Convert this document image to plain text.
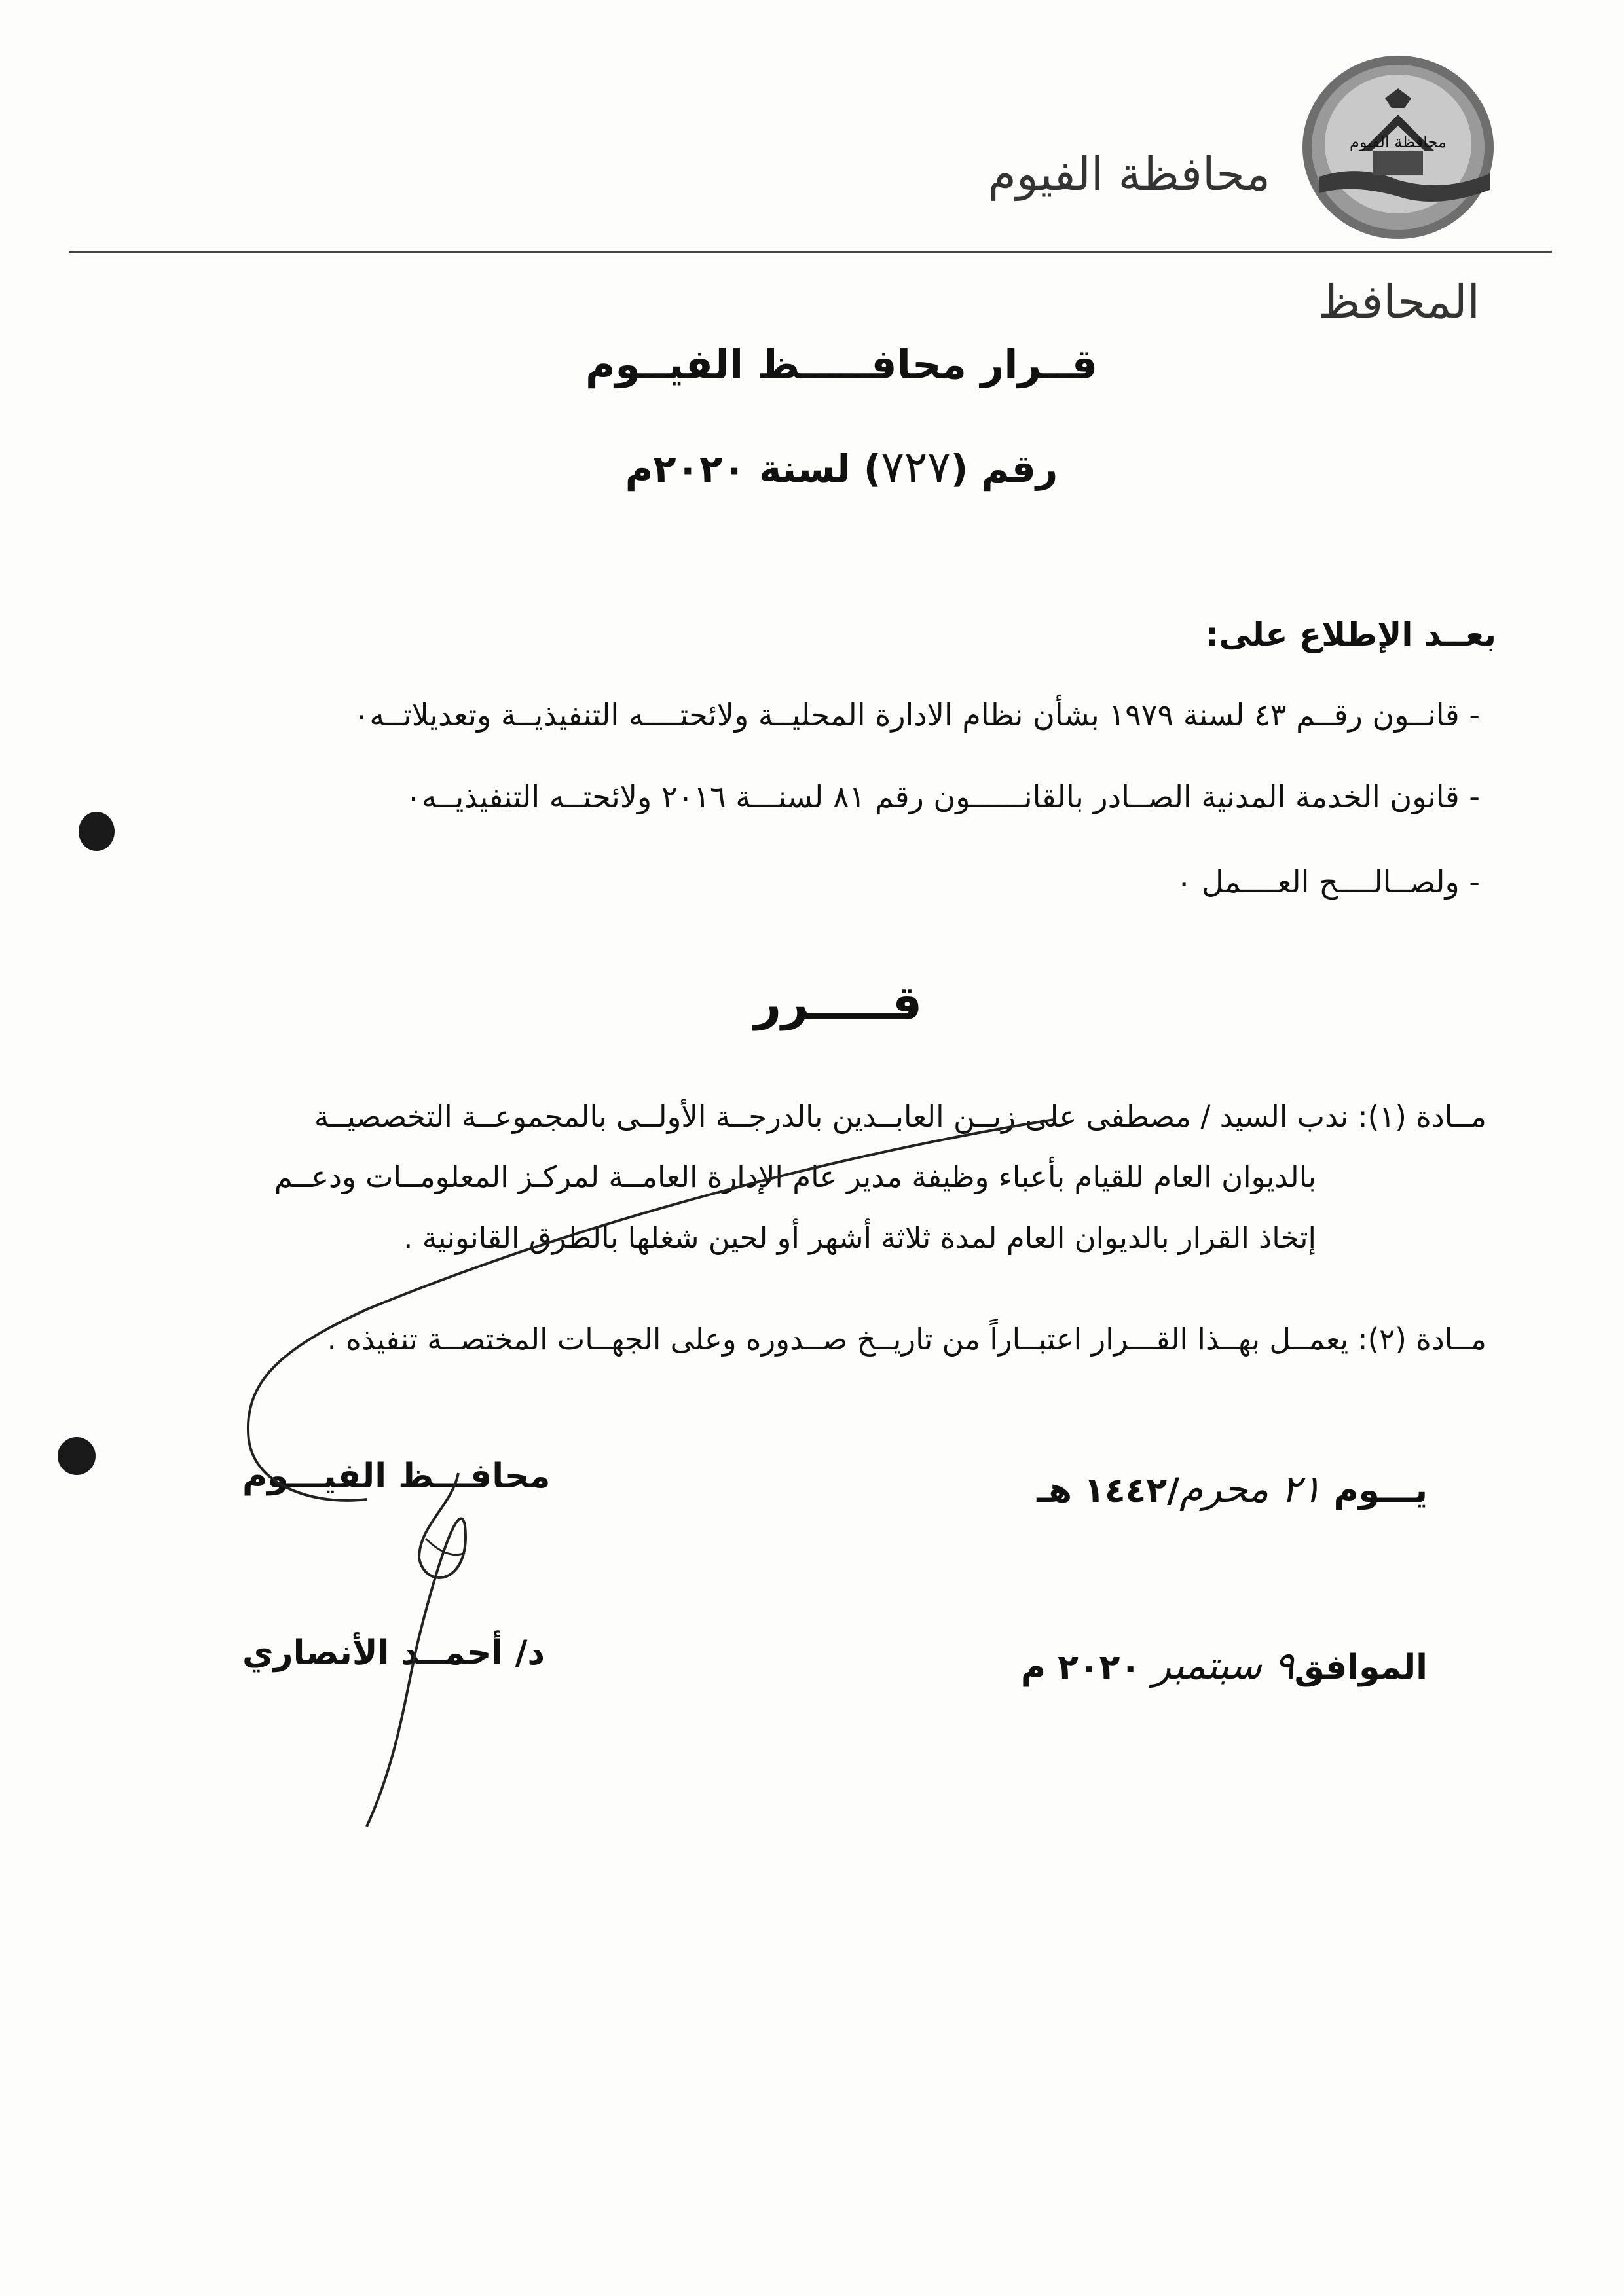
محافظة الفيوم
محافظة الفيوم
المحافظ
قــرار محافـــــظ الفيــوم
رقم (٧٢٧) لسنة ٢٠٢٠م
بعــد الإطلاع على:
- قانــون رقــم ٤٣ لسنة ١٩٧٩ بشأن نظام الادارة المحليــة ولائحتــــه التنفيذيــة وتعديلاتــه٠
- قانون الخدمة المدنية الصــادر بالقانــــــون رقم ٨١ لسنـــة ٢٠١٦ ولائحتــه التنفيذيــه٠
- ولصــالــــح العــــمل ٠
قـــــرر
مــادة (١): ندب السيد / مصطفى على زيــن العابــدين بالدرجــة الأولــى بالمجموعــة التخصصيــة
بالديوان العام للقيام بأعباء وظيفة مدير عام الإدارة العامــة لمركـز المعلومــات ودعــم
إتخاذ القرار بالديوان العام لمدة ثلاثة أشهر أو لحين شغلها بالطرق القانونية .
مــادة (٢): يعمــل بهــذا القـــرار اعتبــاراً من تاريــخ صــدوره وعلى الجهــات المختصــة تنفيذه .
محافـــظ الفيـــوم
د/ أحمــد الأنصاري
يـــوم ٢١ محرم/١٤٤٢ هـ
الموافق٩ سبتمبر ٢٠٢٠ م
